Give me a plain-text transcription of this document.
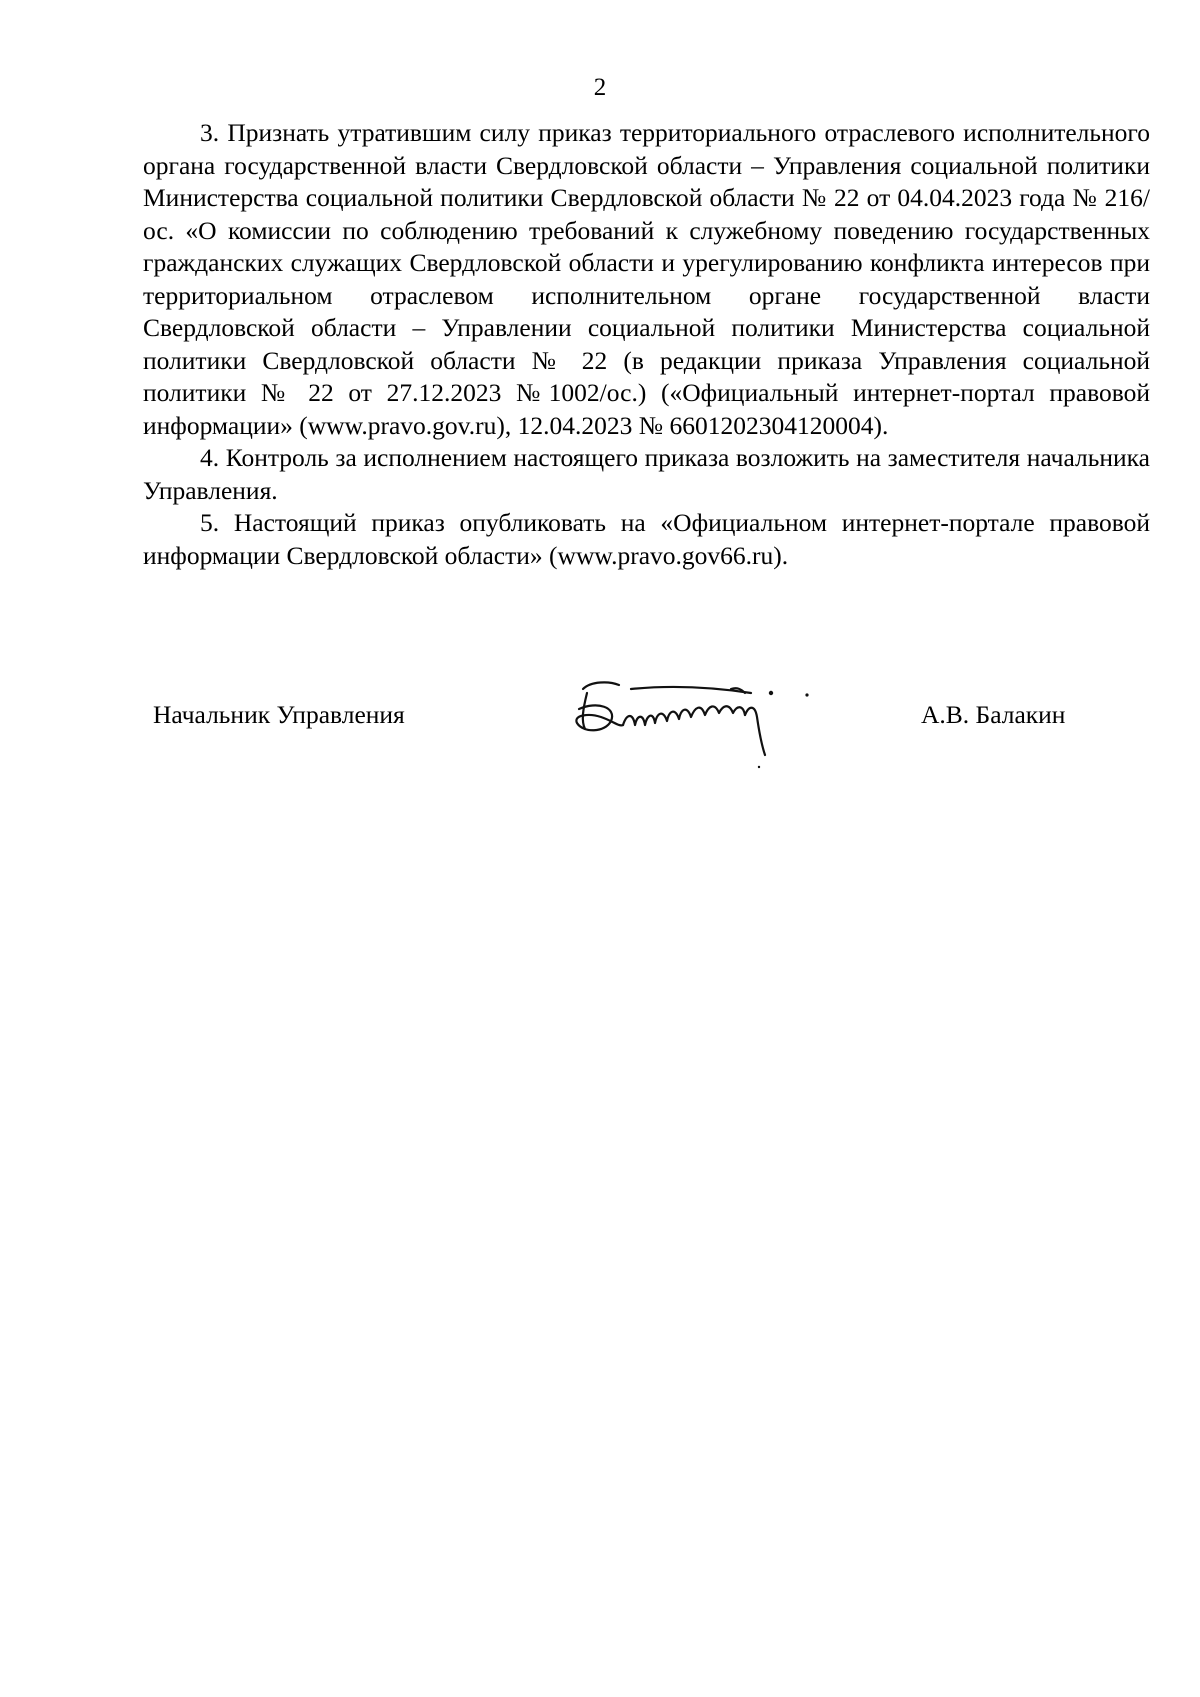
2

3. Признать утратившим силу приказ территориального отраслевого исполнительного органа государственной власти Свердловской области – Управления социальной политики Министерства социальной политики Свердловской области № 22 от 04.04.2023 года № 216/ос. «О комиссии по соблюдению требований к служебному поведению государственных гражданских служащих Свердловской области и урегулированию конфликта интересов при территориальном отраслевом исполнительном органе государственной власти Свердловской области – Управлении социальной политики Министерства социальной политики Свердловской области № 22 (в редакции приказа Управления социальной политики № 22 от 27.12.2023 №1002/ос.) («Официальный интернет-портал правовой информации» (www.pravo.gov.ru), 12.04.2023 № 6601202304120004).

4. Контроль за исполнением настоящего приказа возложить на заместителя начальника Управления.

5. Настоящий приказ опубликовать на «Официальном интернет-портале правовой информации Свердловской области» (www.pravo.gov66.ru).

Начальник Управления	А.В. Балакин
